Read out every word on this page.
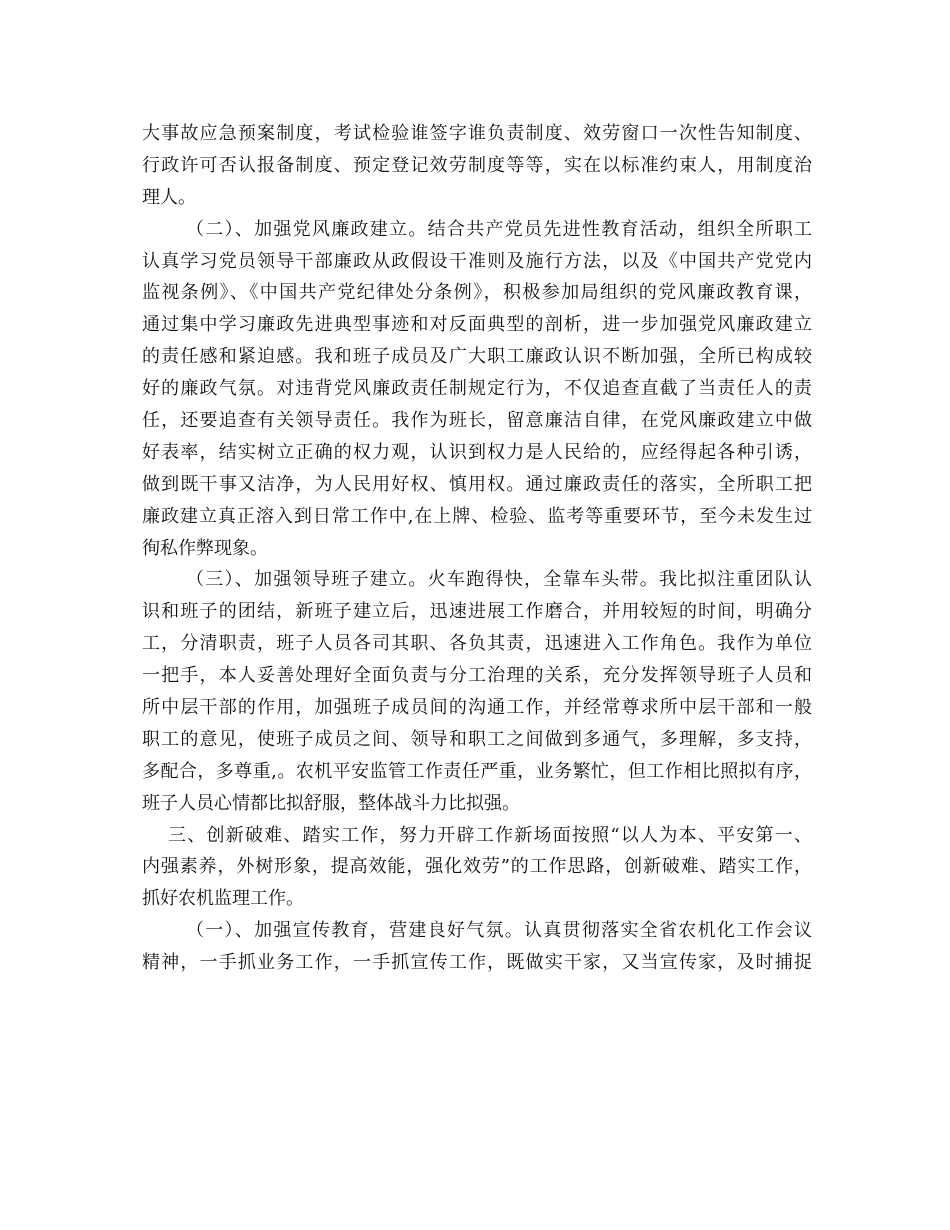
大事故应急预案制度，考试检验谁签字谁负责制度、效劳窗口一次性告知制度、
行政许可否认报备制度、预定登记效劳制度等等，实在以标准约束人，用制度治
理人。
（二）、加强党风廉政建立。结合共产党员先进性教育活动，组织全所职工
认真学习党员领导干部廉政从政假设干准则及施行方法，以及《中国共产党党内
监视条例》、《中国共产党纪律处分条例》，积极参加局组织的党风廉政教育课，
通过集中学习廉政先进典型事迹和对反面典型的剖析，进一步加强党风廉政建立
的责任感和紧迫感。我和班子成员及广大职工廉政认识不断加强，全所已构成较
好的廉政气氛。对违背党风廉政责任制规定行为，不仅追查直截了当责任人的责
任，还要追查有关领导责任。我作为班长，留意廉洁自律，在党风廉政建立中做
好表率，结实树立正确的权力观，认识到权力是人民给的，应经得起各种引诱，
做到既干事又洁净，为人民用好权、慎用权。通过廉政责任的落实，全所职工把
廉政建立真正溶入到日常工作中,在上牌、检验、监考等重要环节，至今未发生过
徇私作弊现象。
（三）、加强领导班子建立。火车跑得快，全靠车头带。我比拟注重团队认
识和班子的团结，新班子建立后，迅速进展工作磨合，并用较短的时间，明确分
工，分清职责，班子人员各司其职、各负其责，迅速进入工作角色。我作为单位
一把手，本人妥善处理好全面负责与分工治理的关系，充分发挥领导班子人员和
所中层干部的作用，加强班子成员间的沟通工作，并经常尊求所中层干部和一般
职工的意见，使班子成员之间、领导和职工之间做到多通气，多理解，多支持，
多配合，多尊重,。农机平安监管工作责任严重，业务繁忙，但工作相比照拟有序，
班子人员心情都比拟舒服，整体战斗力比拟强。
三、创新破难、踏实工作，努力开辟工作新场面按照“以人为本、平安第一、
内强素养，外树形象，提高效能，强化效劳”的工作思路，创新破难、踏实工作，
抓好农机监理工作。
（一）、加强宣传教育，营建良好气氛。认真贯彻落实全省农机化工作会议
精神，一手抓业务工作，一手抓宣传工作，既做实干家，又当宣传家，及时捕捉
